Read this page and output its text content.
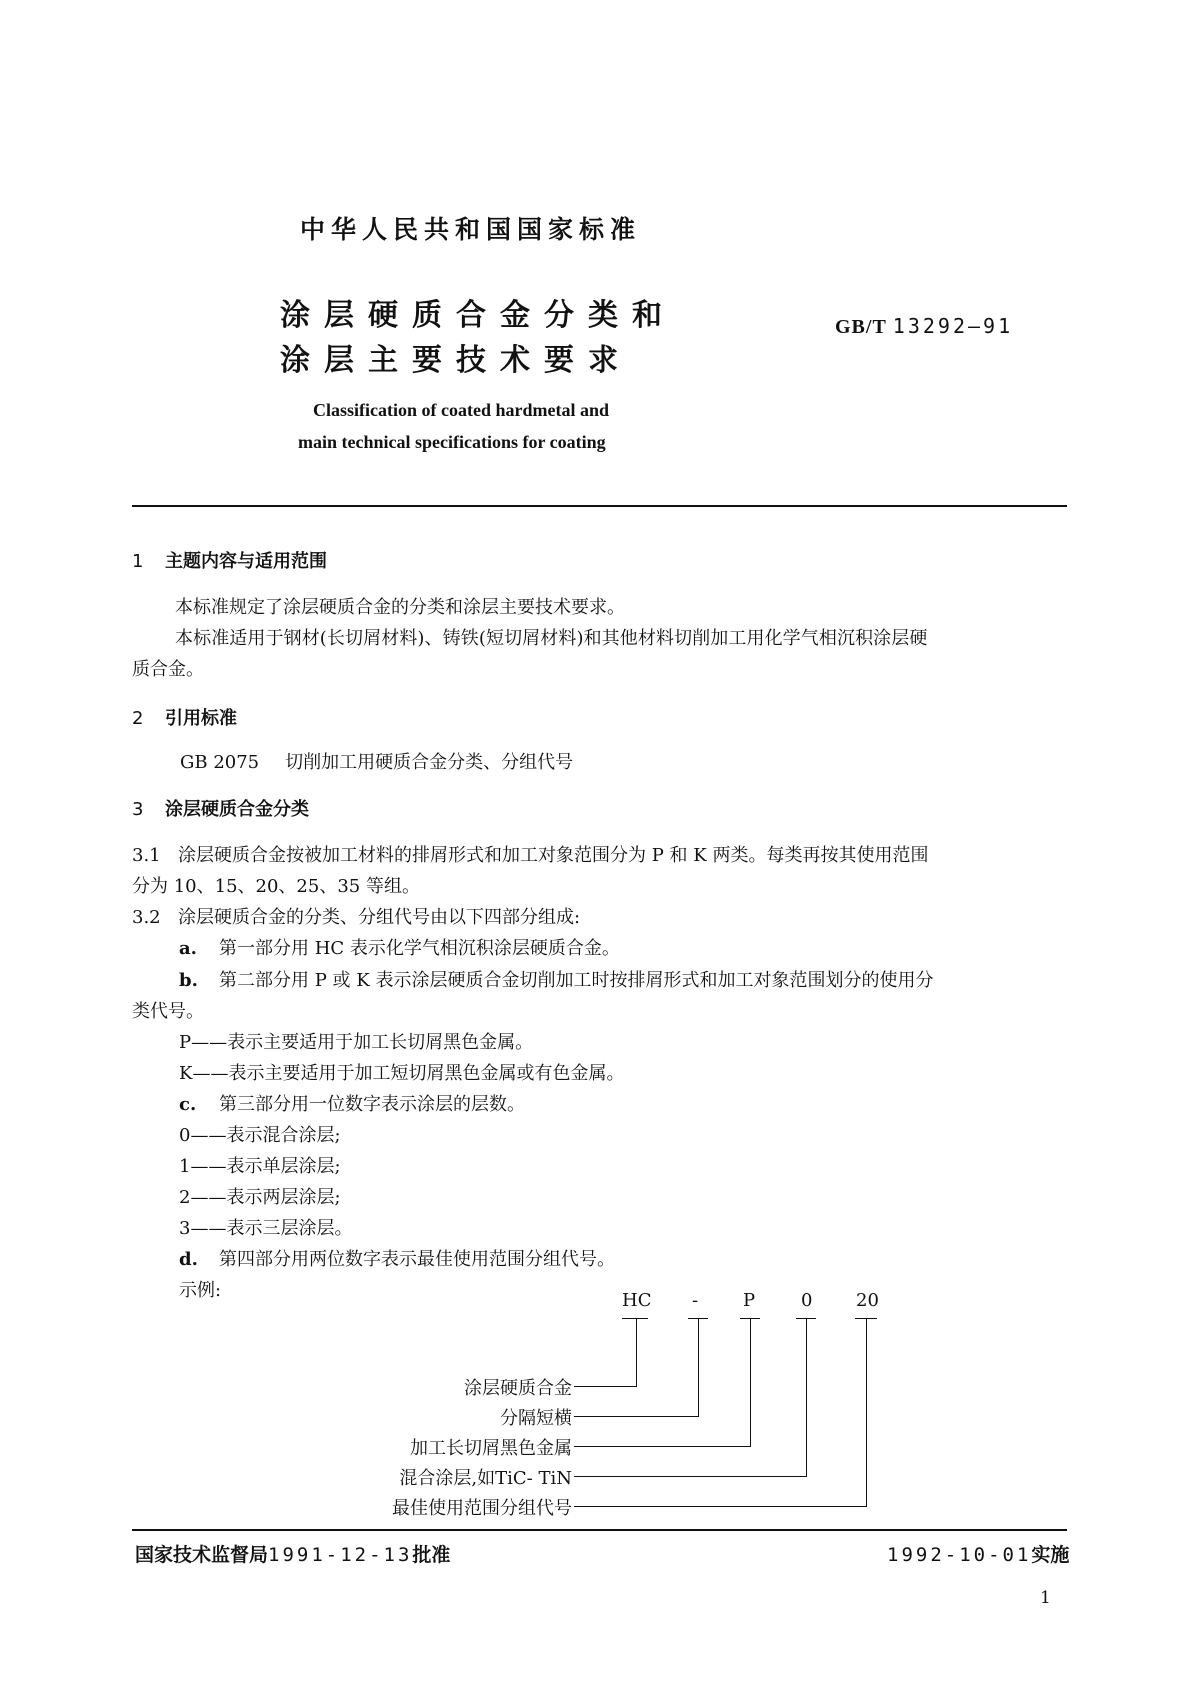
中华人民共和国国家标准
涂层硬质合金分类和
涂层主要技术要求
GB/T 13292—91
Classification of coated hardmetal and
main technical specifications for coating
1 主题内容与适用范围
本标准规定了涂层硬质合金的分类和涂层主要技术要求。
本标准适用于钢材(长切屑材料)、铸铁(短切屑材料)和其他材料切削加工用化学气相沉积涂层硬
质合金。
2 引用标准
GB 2075 切削加工用硬质合金分类、分组代号
3 涂层硬质合金分类
3.1 涂层硬质合金按被加工材料的排屑形式和加工对象范围分为 P 和 K 两类。每类再按其使用范围
分为 10、15、20、25、35 等组。
3.2 涂层硬质合金的分类、分组代号由以下四部分组成:
a. 第一部分用 HC 表示化学气相沉积涂层硬质合金。
b. 第二部分用 P 或 K 表示涂层硬质合金切削加工时按排屑形式和加工对象范围划分的使用分
类代号。
P——表示主要适用于加工长切屑黑色金属。
K——表示主要适用于加工短切屑黑色金属或有色金属。
c. 第三部分用一位数字表示涂层的层数。
0——表示混合涂层;
1——表示单层涂层;
2——表示两层涂层;
3——表示三层涂层。
d. 第四部分用两位数字表示最佳使用范围分组代号。
示例:	HC - P	0 20
涂层硬质合金
分隔短横
加工长切屑黑色金属
混合涂层,如TiC- TiN
最佳使用范围分组代号
国家技术监督局1991-12-13批准	1992-10-01实施
1
